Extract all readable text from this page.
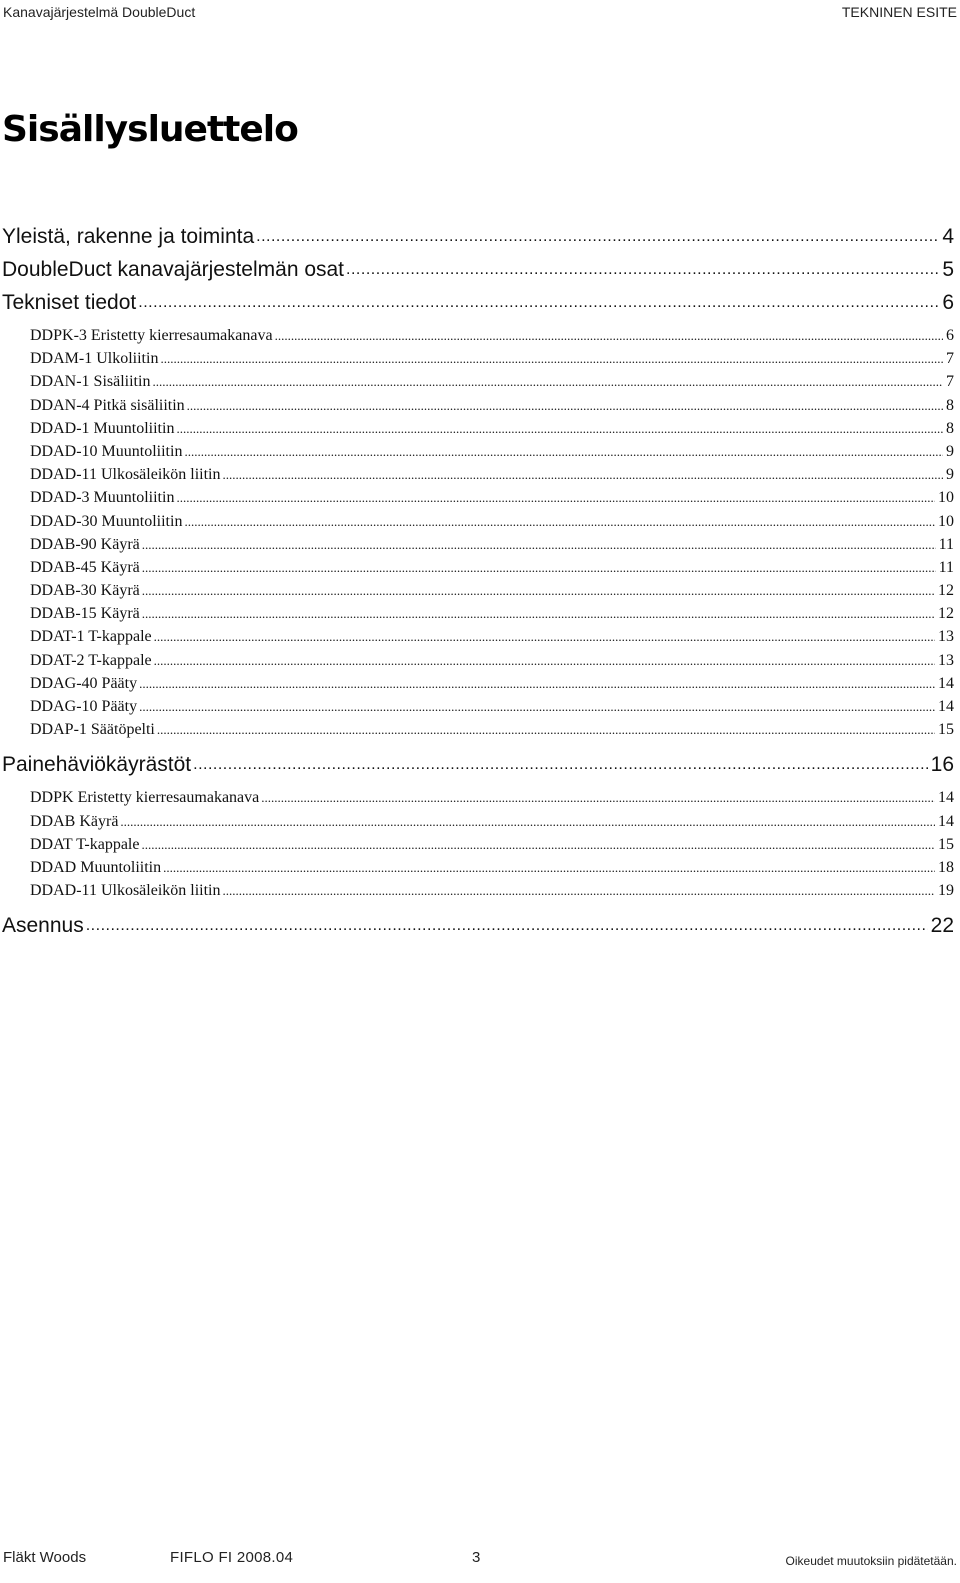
Kanavajärjestelmä DoubleDuct	TEKNINEN ESITE
Sisällysluettelo
Yleistä, rakenne ja toiminta .....	4
DoubleDuct kanavajärjestelmän osat .....	5
Tekniset tiedot .....	6
DDPK-3 Eristetty kierresaumakanava .....	6
DDAM-1 Ulkoliitin .....	7
DDAN-1 Sisäliitin .....	7
DDAN-4 Pitkä sisäliitin .....	8
DDAD-1 Muuntoliitin .....	8
DDAD-10 Muuntoliitin .....	9
DDAD-11 Ulkosäleikön liitin .....	9
DDAD-3 Muuntoliitin .....	10
DDAD-30 Muuntoliitin .....	10
DDAB-90 Käyrä .....	11
DDAB-45 Käyrä .....	11
DDAB-30 Käyrä .....	12
DDAB-15 Käyrä .....	12
DDAT-1 T-kappale .....	13
DDAT-2 T-kappale .....	13
DDAG-40 Pääty .....	14
DDAG-10 Pääty .....	14
DDAP-1 Säätöpelti .....	15
Painehäviökäyrästöt .....	16
DDPK Eristetty kierresaumakanava .....	14
DDAB Käyrä .....	14
DDAT T-kappale .....	15
DDAD Muuntoliitin .....	18
DDAD-11 Ulkosäleikön liitin .....	19
Asennus .....	22
Fläkt Woods	FIFLO FI 2008.04	3	Oikeudet muutoksiin pidätetään.
